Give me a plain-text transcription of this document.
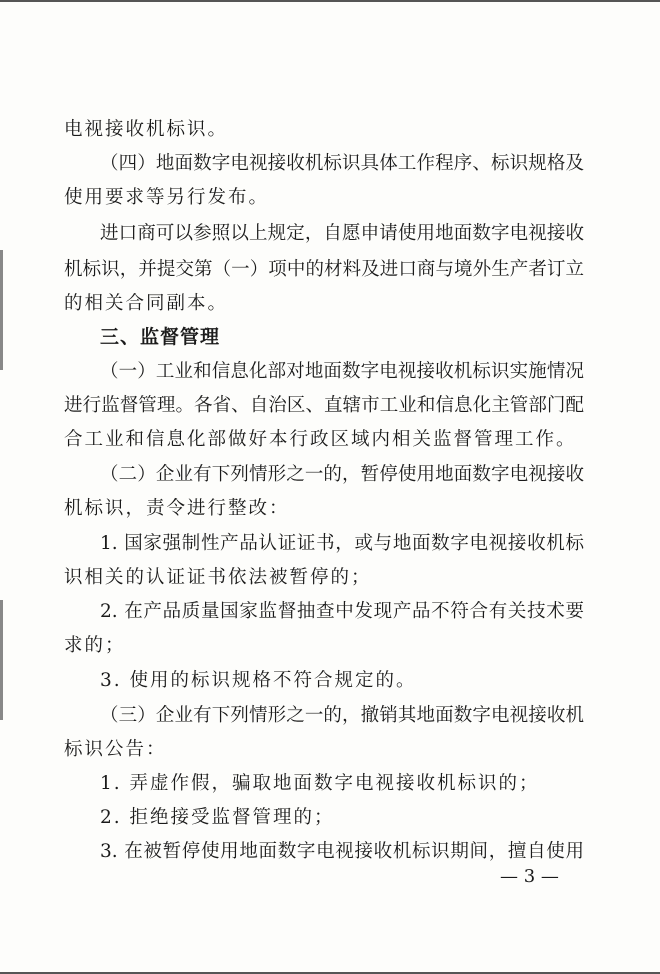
电视接收机标识。
（四）地面数字电视接收机标识具体工作程序、标识规格及
使用要求等另行发布。
进口商可以参照以上规定，自愿申请使用地面数字电视接收
机标识，并提交第（一）项中的材料及进口商与境外生产者订立
的相关合同副本。
三、监督管理
（一）工业和信息化部对地面数字电视接收机标识实施情况
进行监督管理。各省、自治区、直辖市工业和信息化主管部门配
合工业和信息化部做好本行政区域内相关监督管理工作。
（二）企业有下列情形之一的，暂停使用地面数字电视接收
机标识，责令进行整改：
1. 国家强制性产品认证证书，或与地面数字电视接收机标
识相关的认证证书依法被暂停的；
2. 在产品质量国家监督抽查中发现产品不符合有关技术要
求的；
3. 使用的标识规格不符合规定的。
（三）企业有下列情形之一的，撤销其地面数字电视接收机
标识公告：
1. 弄虚作假，骗取地面数字电视接收机标识的；
2. 拒绝接受监督管理的；
3. 在被暂停使用地面数字电视接收机标识期间，擅自使用
— 3 —
